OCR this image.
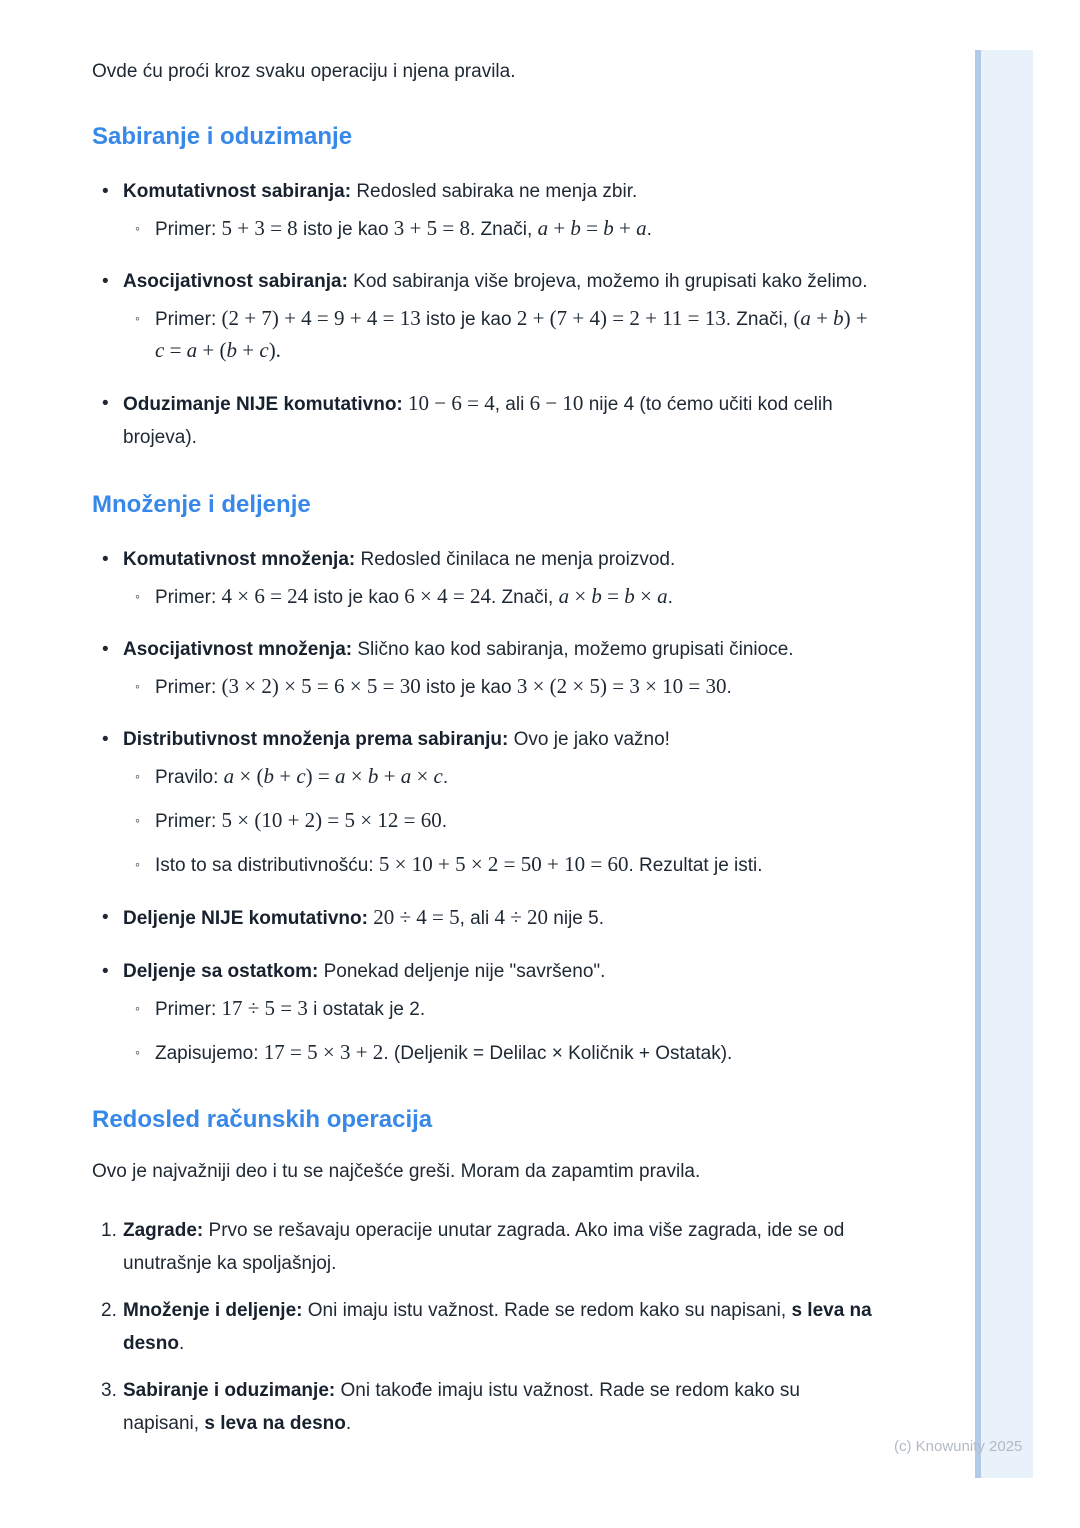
(c) Knowunity 2025

Ovde ću proći kroz svaku operaciju i njena pravila.

Sabiranje i oduzimanje
• Komutativnost sabiranja: Redosled sabiraka ne menja zbir.
◦ Primer: 5 + 3 = 8 isto je kao 3 + 5 = 8. Znači, a + b = b + a.
• Asocijativnost sabiranja: Kod sabiranja više brojeva, možemo ih grupisati kako želimo.
◦ Primer: (2 + 7) + 4 = 9 + 4 = 13 isto je kao 2 + (7 + 4) = 2 + 11 = 13. Znači, (a + b) + c = a + (b + c).
• Oduzimanje NIJE komutativno: 10 − 6 = 4, ali 6 − 10 nije 4 (to ćemo učiti kod celih brojeva).
Množenje i deljenje
• Komutativnost množenja: Redosled činilaca ne menja proizvod.
◦ Primer: 4 × 6 = 24 isto je kao 6 × 4 = 24. Znači, a × b = b × a.
• Asocijativnost množenja: Slično kao kod sabiranja, možemo grupisati činioce.
◦ Primer: (3 × 2) × 5 = 6 × 5 = 30 isto je kao 3 × (2 × 5) = 3 × 10 = 30.
• Distributivnost množenja prema sabiranju: Ovo je jako važno!
◦ Pravilo: a × (b + c) = a × b + a × c.
◦ Primer: 5 × (10 + 2) = 5 × 12 = 60.
◦ Isto to sa distributivnošću: 5 × 10 + 5 × 2 = 50 + 10 = 60. Rezultat je isti.
• Deljenje NIJE komutativno: 20 ÷ 4 = 5, ali 4 ÷ 20 nije 5.
• Deljenje sa ostatkom: Ponekad deljenje nije "savršeno".
◦ Primer: 17 ÷ 5 = 3 i ostatak je 2.
◦ Zapisujemo: 17 = 5 × 3 + 2. (Deljenik = Delilac × Količnik + Ostatak).
Redosled računskih operacija

Ovo je najvažniji deo i tu se najčešće greši. Moram da zapamtim pravila.

1. Zagrade: Prvo se rešavaju operacije unutar zagrada. Ako ima više zagrada, ide se od unutrašnje ka spoljašnjoj.
2. Množenje i deljenje: Oni imaju istu važnost. Rade se redom kako su napisani, s leva na desno.
3. Sabiranje i oduzimanje: Oni takođe imaju istu važnost. Rade se redom kako su napisani, s leva na desno.
